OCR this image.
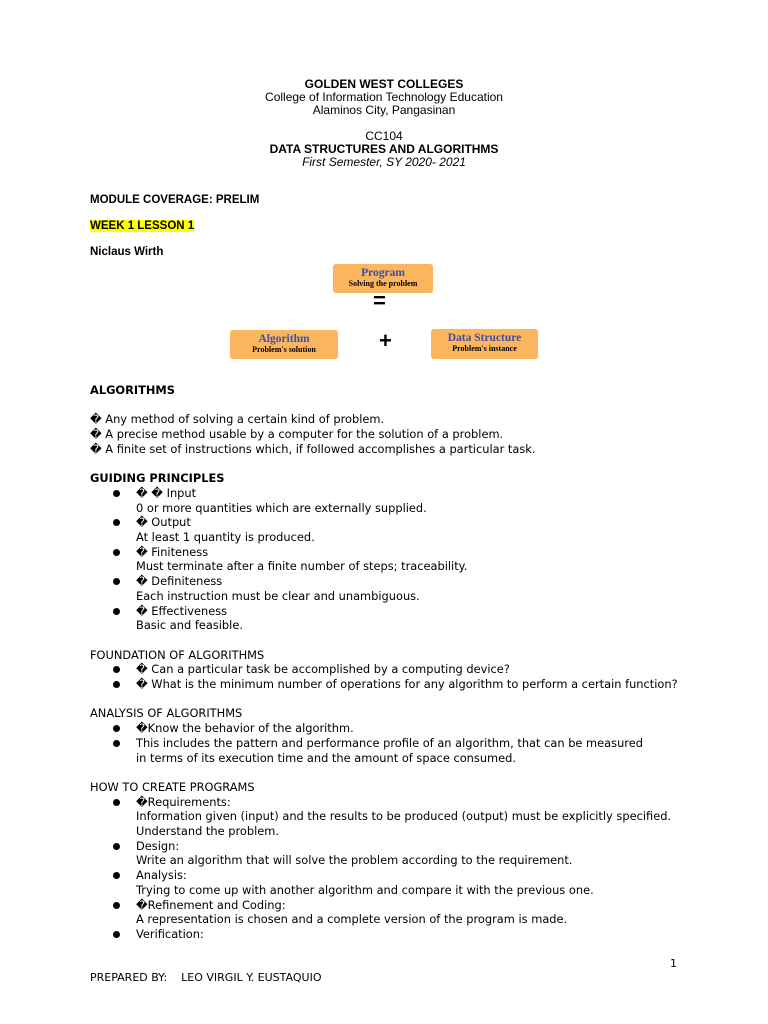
GOLDEN WEST COLLEGES
College of Information Technology Education
Alaminos City, Pangasinan
CC104
DATA STRUCTURES AND ALGORITHMS
First Semester, SY 2020- 2021
MODULE COVERAGE: PRELIM
WEEK 1 LESSON 1
Niclaus Wirth
Program
Solving the problem
=
Algorithm
Problem's solution	+	Data Structure
Problem's instance
ALGORITHMS
� Any method of solving a certain kind of problem.
� A precise method usable by a computer for the solution of a problem.
� A finite set of instructions which, if followed accomplishes a particular task.
GUIDING PRINCIPLES
� � Input
0 or more quantities which are externally supplied.
� Output
At least 1 quantity is produced.
� Finiteness
Must terminate after a finite number of steps; traceability.
� Definiteness
Each instruction must be clear and unambiguous.
� Effectiveness
Basic and feasible.
FOUNDATION OF ALGORITHMS
� Can a particular task be accomplished by a computing device?
� What is the minimum number of operations for any algorithm to perform a certain function?
ANALYSIS OF ALGORITHMS
�Know the behavior of the algorithm.
This includes the pattern and performance profile of an algorithm, that can be measured in terms of its execution time and the amount of space consumed.
HOW TO CREATE PROGRAMS
�Requirements:
Information given (input) and the results to be produced (output) must be explicitly specified.
Understand the problem.
Design:
Write an algorithm that will solve the problem according to the requirement.
Analysis:
Trying to come up with another algorithm and compare it with the previous one.
�Refinement and Coding:
A representation is chosen and a complete version of the program is made.
Verification:
1
PREPARED BY: LEO VIRGIL Y. EUSTAQUIO
